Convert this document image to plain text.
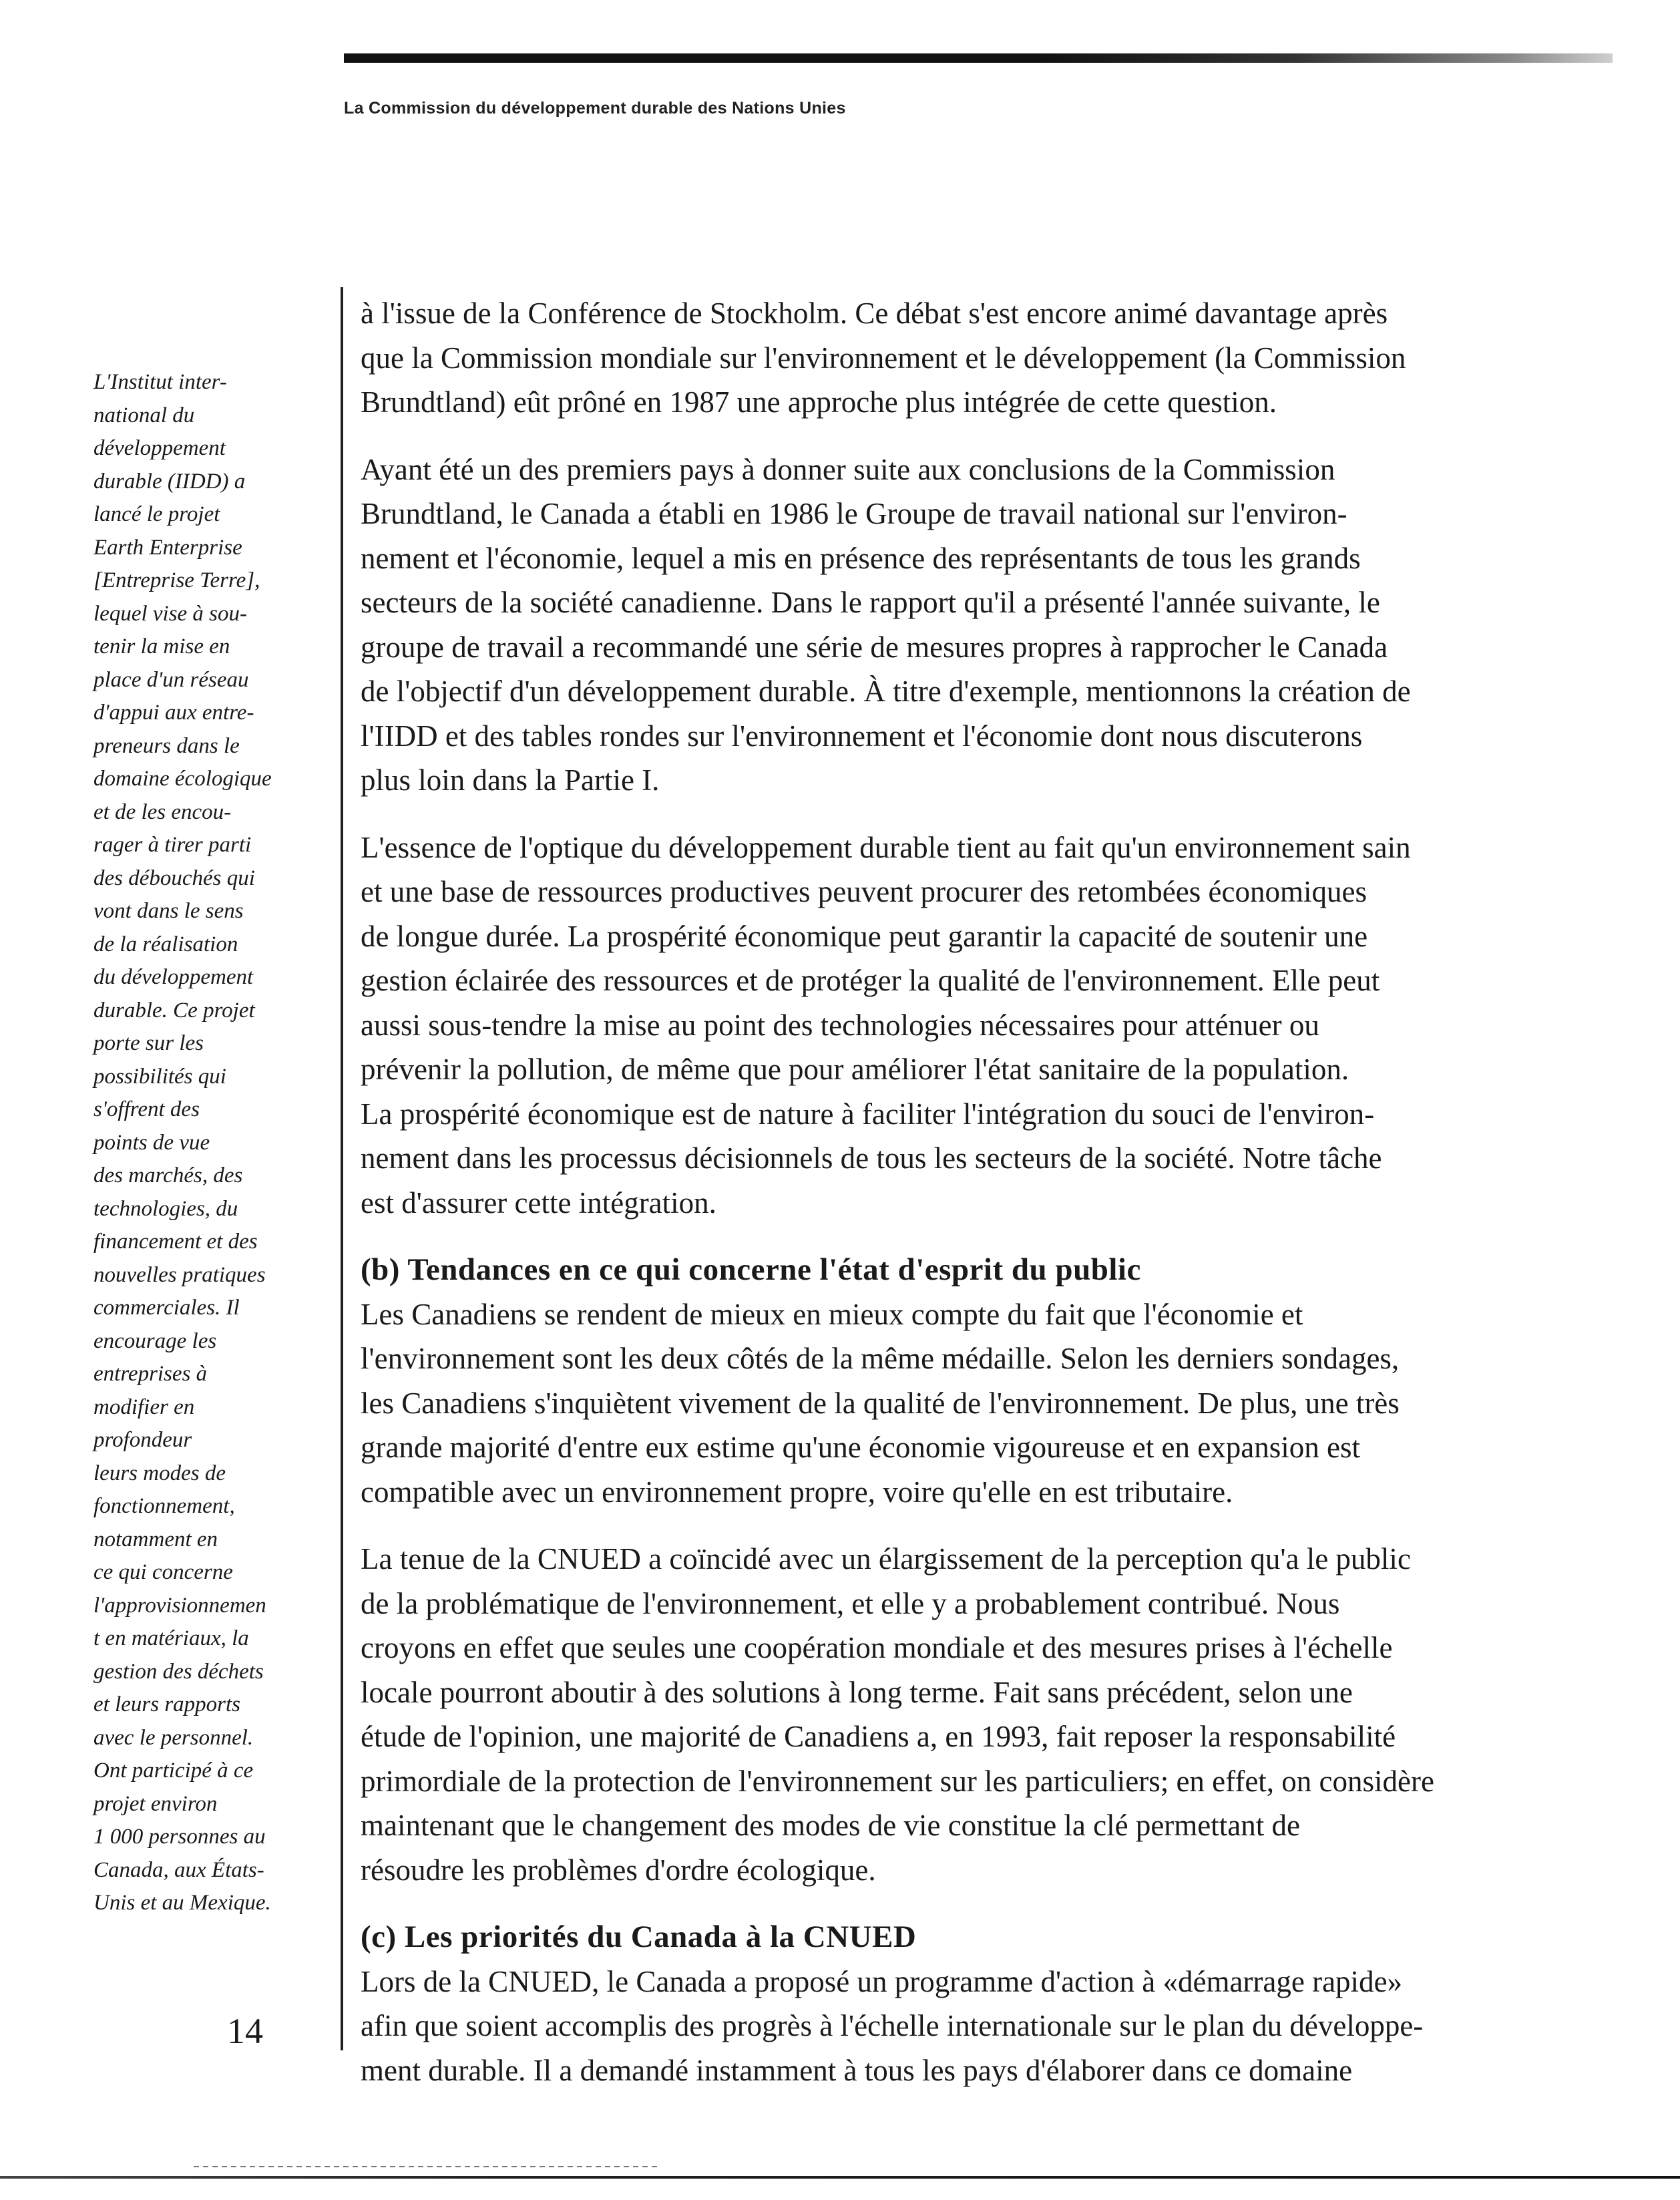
La Commission du développement durable des Nations Unies
L'Institut inter-
national du
développement
durable (IIDD) a
lancé le projet
Earth Enterprise
[Entreprise Terre],
lequel vise à sou-
tenir la mise en
place d'un réseau
d'appui aux entre-
preneurs dans le
domaine écologique
et de les encou-
rager à tirer parti
des débouchés qui
vont dans le sens
de la réalisation
du développement
durable. Ce projet
porte sur les
possibilités qui
s'offrent des
points de vue
des marchés, des
technologies, du
financement et des
nouvelles pratiques
commerciales. Il
encourage les
entreprises à
modifier en
profondeur
leurs modes de
fonctionnement,
notamment en
ce qui concerne
l'approvisionnemen
t en matériaux, la
gestion des déchets
et leurs rapports
avec le personnel.
Ont participé à ce
projet environ
1 000 personnes au
Canada, aux États-
Unis et au Mexique.
à l'issue de la Conférence de Stockholm. Ce débat s'est encore animé davantage après
que la Commission mondiale sur l'environnement et le développement (la Commission
Brundtland) eût prôné en 1987 une approche plus intégrée de cette question.
Ayant été un des premiers pays à donner suite aux conclusions de la Commission
Brundtland, le Canada a établi en 1986 le Groupe de travail national sur l'environ-
nement et l'économie, lequel a mis en présence des représentants de tous les grands
secteurs de la société canadienne. Dans le rapport qu'il a présenté l'année suivante, le
groupe de travail a recommandé une série de mesures propres à rapprocher le Canada
de l'objectif d'un développement durable. À titre d'exemple, mentionnons la création de
l'IIDD et des tables rondes sur l'environnement et l'économie dont nous discuterons
plus loin dans la Partie I.
L'essence de l'optique du développement durable tient au fait qu'un environnement sain
et une base de ressources productives peuvent procurer des retombées économiques
de longue durée. La prospérité économique peut garantir la capacité de soutenir une
gestion éclairée des ressources et de protéger la qualité de l'environnement. Elle peut
aussi sous-tendre la mise au point des technologies nécessaires pour atténuer ou
prévenir la pollution, de même que pour améliorer l'état sanitaire de la population.
La prospérité économique est de nature à faciliter l'intégration du souci de l'environ-
nement dans les processus décisionnels de tous les secteurs de la société. Notre tâche
est d'assurer cette intégration.
(b) Tendances en ce qui concerne l'état d'esprit du public
Les Canadiens se rendent de mieux en mieux compte du fait que l'économie et
l'environnement sont les deux côtés de la même médaille. Selon les derniers sondages,
les Canadiens s'inquiètent vivement de la qualité de l'environnement. De plus, une très
grande majorité d'entre eux estime qu'une économie vigoureuse et en expansion est
compatible avec un environnement propre, voire qu'elle en est tributaire.
La tenue de la CNUED a coïncidé avec un élargissement de la perception qu'a le public
de la problématique de l'environnement, et elle y a probablement contribué. Nous
croyons en effet que seules une coopération mondiale et des mesures prises à l'échelle
locale pourront aboutir à des solutions à long terme. Fait sans précédent, selon une
étude de l'opinion, une majorité de Canadiens a, en 1993, fait reposer la responsabilité
primordiale de la protection de l'environnement sur les particuliers; en effet, on considère
maintenant que le changement des modes de vie constitue la clé permettant de
résoudre les problèmes d'ordre écologique.
(c) Les priorités du Canada à la CNUED
Lors de la CNUED, le Canada a proposé un programme d'action à «démarrage rapide»
afin que soient accomplis des progrès à l'échelle internationale sur le plan du développe-
ment durable. Il a demandé instamment à tous les pays d'élaborer dans ce domaine
14
